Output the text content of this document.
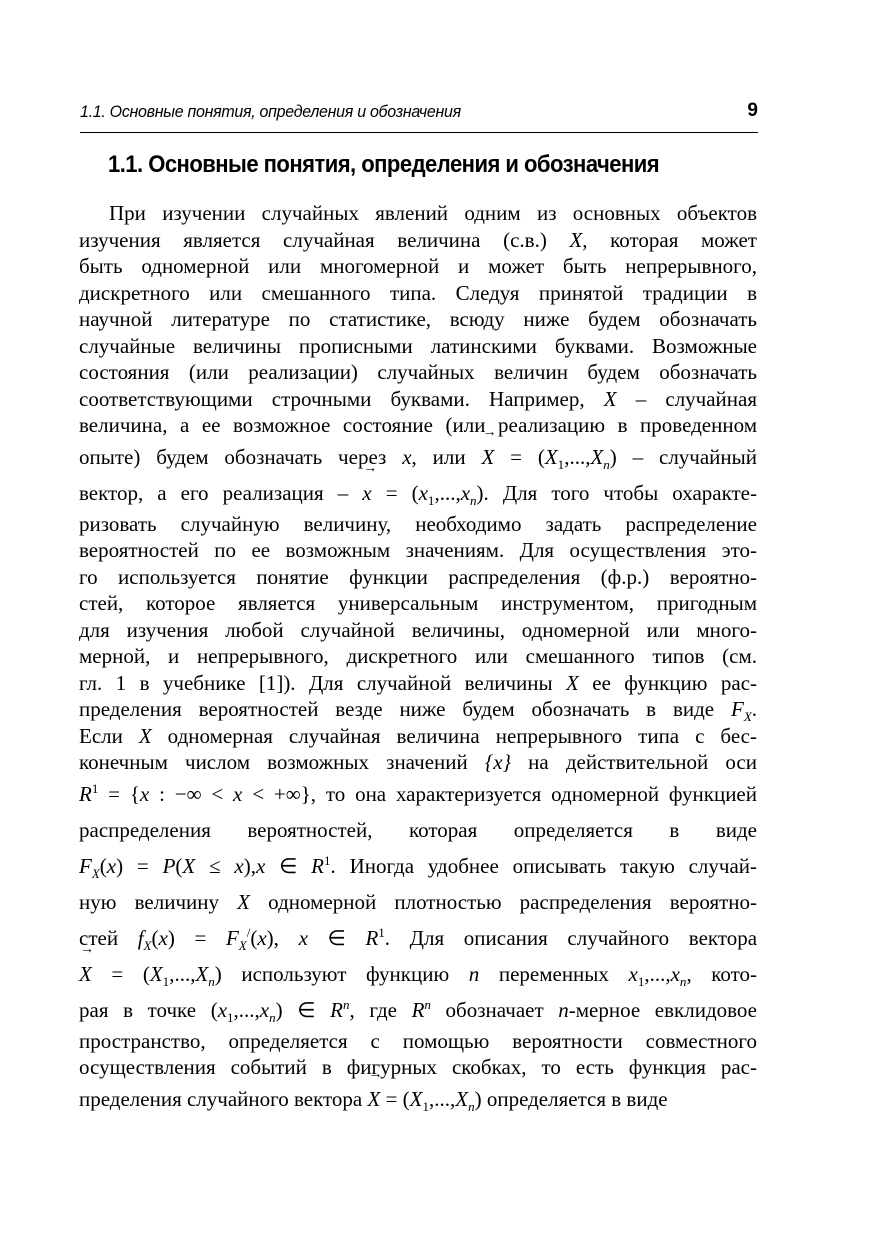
1.1. Основные понятия, определения и обозначения	9
1.1. Основные понятия, определения и обозначения
При изучении случайных явлений одним из основных объектов
изучения является случайная величина (с.в.) X, которая может
быть одномерной или многомерной и может быть непрерывного,
дискретного или смешанного типа. Следуя принятой традиции в
научной литературе по статистике, всюду ниже будем обозначать
случайные величины прописными латинскими буквами. Возможные
состояния (или реализации) случайных величин будем обозначать
соответствующими строчными буквами. Например, X – случайная
величина, а ее возможное состояние (или реализацию в проведенном
опыте) будем обозначать через x, или → $X = (X_1,...,X_n)$ – случайный
вектор, а его реализация – → $x = (x_1,...,x_n)$. Для того чтобы охаракте-
ризовать случайную величину, необходимо задать распределение
вероятностей по ее возможным значениям. Для осуществления это-
го используется понятие функции распределения (ф.р.) вероятно-
стей, которое является универсальным инструментом, пригодным
для изучения любой случайной величины, одномерной или много-
мерной, и непрерывного, дискретного или смешанного типов (см.
гл. 1 в учебнике [1]). Для случайной величины X ее функцию рас-
пределения вероятностей везде ниже будем обозначать в виде $F_X$.
Если X одномерная случайная величина непрерывного типа с бес-
конечным числом возможных значений {x} на действительной оси
$R^1 = \{x$ : −∞ < x < +∞}, то она характеризуется одномерной функцией
распределения вероятностей, которая определяется в виде
$F_X(x) = P(X \le x),x$ ∈ $R^1$. Иногда удобнее описывать такую случай-
ную величину X одномерной плотностью распределения вероятно-
стей $f_X(x) = F_X^/(x)$, x ∈ $R^1$. Для описания случайного вектора
→ $X = (X_1,...,X_n)$ используют функцию n переменных $x_1,...,x_n$, кото-
рая в точке $(x_1,...,x_n)$ ∈ $R^n$, где $R^n$ обозначает n-мерное евклидовое
пространство, определяется с помощью вероятности совместного
осуществления событий в фигурных скобках, то есть функция рас-
пределения случайного вектора → $X = (X_1,...,X_n)$ определяется в виде
